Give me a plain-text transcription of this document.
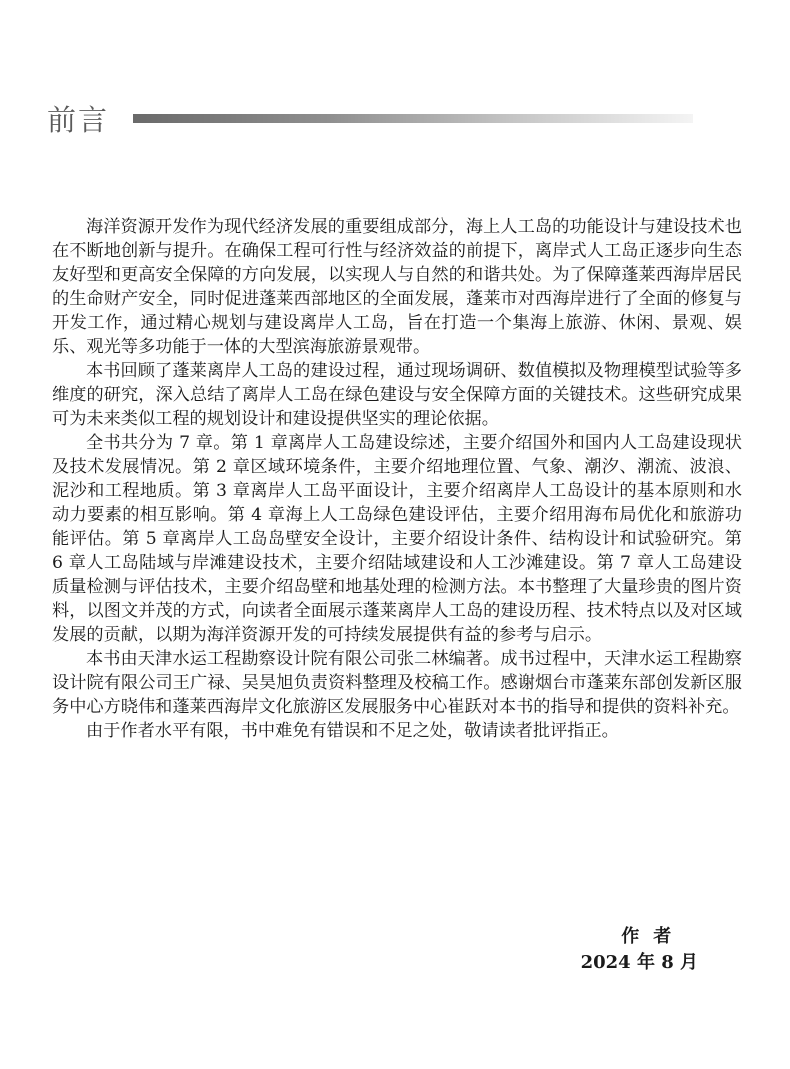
前言

海洋资源开发作为现代经济发展的重要组成部分，海上人工岛的功能设计与建设技术也在不断地创新与提升。在确保工程可行性与经济效益的前提下，离岸式人工岛正逐步向生态友好型和更高安全保障的方向发展，以实现人与自然的和谐共处。为了保障蓬莱西海岸居民的生命财产安全，同时促进蓬莱西部地区的全面发展，蓬莱市对西海岸进行了全面的修复与开发工作，通过精心规划与建设离岸人工岛，旨在打造一个集海上旅游、休闲、景观、娱乐、观光等多功能于一体的大型滨海旅游景观带。

本书回顾了蓬莱离岸人工岛的建设过程，通过现场调研、数值模拟及物理模型试验等多维度的研究，深入总结了离岸人工岛在绿色建设与安全保障方面的关键技术。这些研究成果可为未来类似工程的规划设计和建设提供坚实的理论依据。

全书共分为 7 章。第 1 章离岸人工岛建设综述，主要介绍国外和国内人工岛建设现状及技术发展情况。第 2 章区域环境条件，主要介绍地理位置、气象、潮汐、潮流、波浪、泥沙和工程地质。第 3 章离岸人工岛平面设计，主要介绍离岸人工岛设计的基本原则和水动力要素的相互影响。第 4 章海上人工岛绿色建设评估，主要介绍用海布局优化和旅游功能评估。第 5 章离岸人工岛岛壁安全设计，主要介绍设计条件、结构设计和试验研究。第 6 章人工岛陆域与岸滩建设技术，主要介绍陆域建设和人工沙滩建设。第 7 章人工岛建设质量检测与评估技术，主要介绍岛壁和地基处理的检测方法。本书整理了大量珍贵的图片资料，以图文并茂的方式，向读者全面展示蓬莱离岸人工岛的建设历程、技术特点以及对区域发展的贡献，以期为海洋资源开发的可持续发展提供有益的参考与启示。

本书由天津水运工程勘察设计院有限公司张二林编著。成书过程中，天津水运工程勘察设计院有限公司王广禄、吴昊旭负责资料整理及校稿工作。感谢烟台市蓬莱东部创发新区服务中心方晓伟和蓬莱西海岸文化旅游区发展服务中心崔跃对本书的指导和提供的资料补充。

由于作者水平有限，书中难免有错误和不足之处，敬请读者批评指正。

作者
2024 年 8 月
